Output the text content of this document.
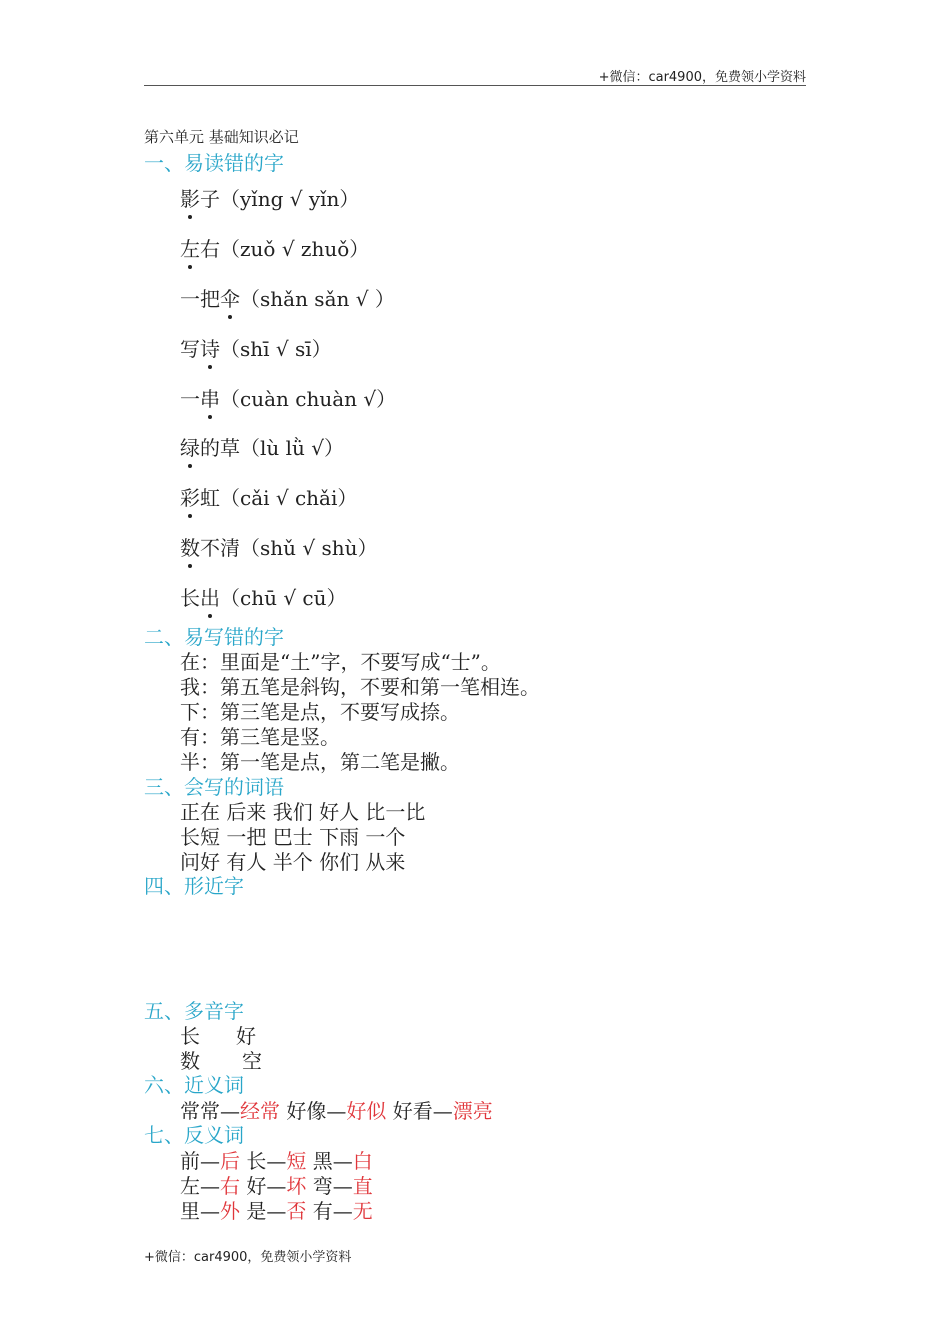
+微信：car4900，免费领小学资料
第六单元 基础知识必记
一、易读错的字
影子（yǐng √ yǐn）
左右（zuǒ √ zhuǒ）
一把伞（shǎn sǎn √ ）
写诗（shī √ sī）
一串（cuàn chuàn √）
绿的草（lù lǜ √）
彩虹（cǎi √ chǎi）
数不清（shǔ √ shù）
长出（chū √ cū）
二、易写错的字
在：里面是“土”字，不要写成“士”。
我：第五笔是斜钩，不要和第一笔相连。
下：第三笔是点，不要写成捺。
有：第三笔是竖。
半：第一笔是点，第二笔是撇。
三、会写的词语
正在 后来 我们 好人 比一比
长短 一把 巴士 下雨 一个
问好 有人 半个 你们 从来
四、形近字
五、多音字
长 好
数 空
六、近义词
常常—经常 好像—好似 好看—漂亮
七、反义词
前—后 长—短 黑—白
左—右 好—坏 弯—直
里—外 是—否 有—无
+微信：car4900，免费领小学资料
